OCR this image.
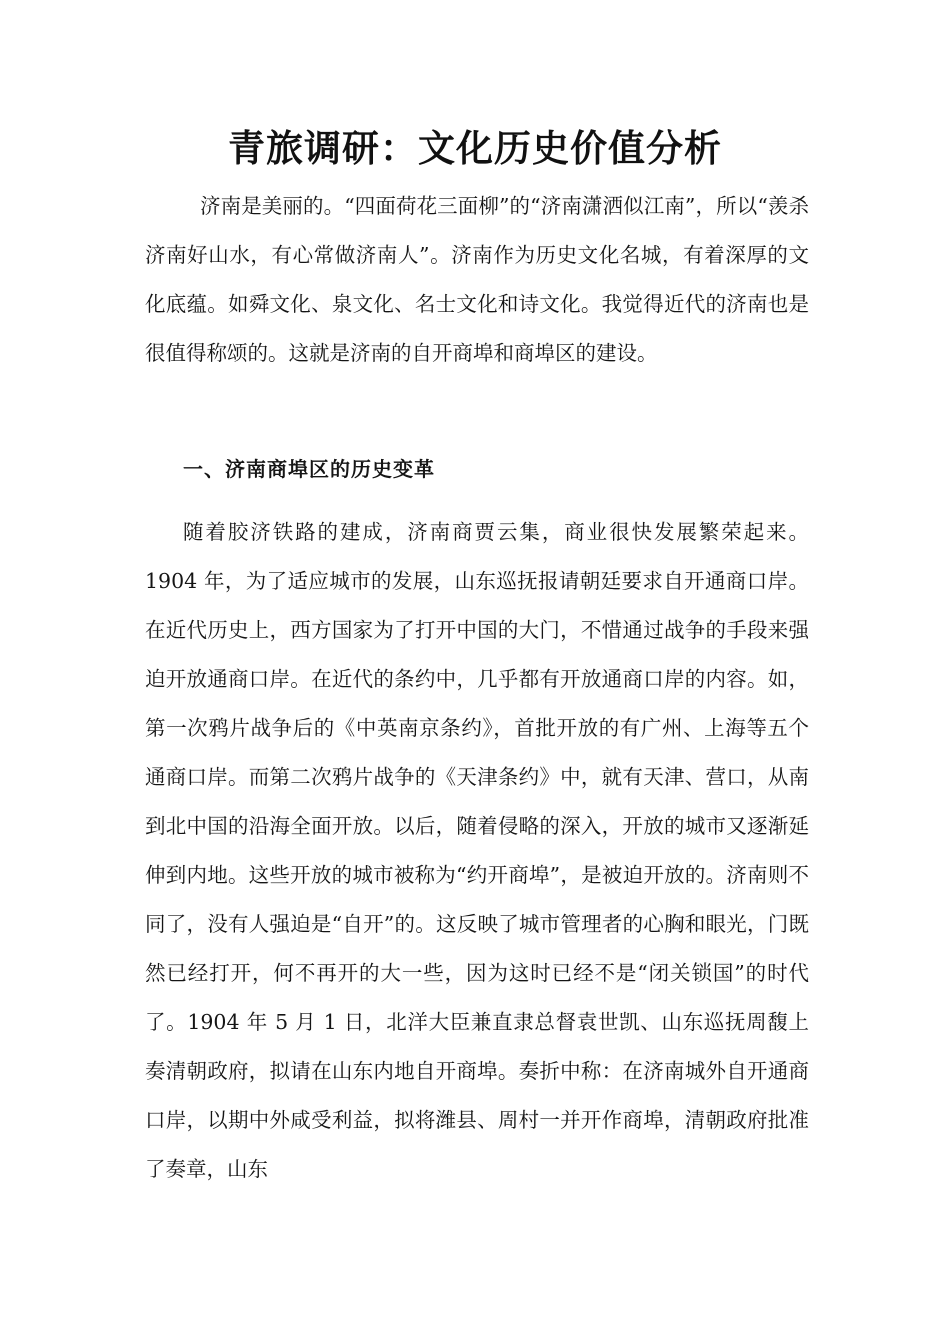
青旅调研：文化历史价值分析

济南是美丽的。“四面荷花三面柳”的“济南潇洒似江南”，所以“羡杀济南好山水，有心常做济南人”。济南作为历史文化名城，有着深厚的文化底蕴。如舜文化、泉文化、名士文化和诗文化。我觉得近代的济南也是很值得称颂的。这就是济南的自开商埠和商埠区的建设。

一、济南商埠区的历史变革

随着胶济铁路的建成，济南商贾云集，商业很快发展繁荣起来。1904 年，为了适应城市的发展，山东巡抚报请朝廷要求自开通商口岸。在近代历史上，西方国家为了打开中国的大门，不惜通过战争的手段来强迫开放通商口岸。在近代的条约中，几乎都有开放通商口岸的内容。如，第一次鸦片战争后的《中英南京条约》，首批开放的有广州、上海等五个通商口岸。而第二次鸦片战争的《天津条约》中，就有天津、营口，从南到北中国的沿海全面开放。以后，随着侵略的深入，开放的城市又逐渐延伸到内地。这些开放的城市被称为“约开商埠”，是被迫开放的。济南则不同了，没有人强迫是“自开”的。这反映了城市管理者的心胸和眼光，门既然已经打开，何不再开的大一些，因为这时已经不是“闭关锁国”的时代了。1904 年 5 月 1 日，北洋大臣兼直隶总督袁世凯、山东巡抚周馥上奏清朝政府，拟请在山东内地自开商埠。奏折中称：在济南城外自开通商口岸，以期中外咸受利益，拟将潍县、周村一并开作商埠，清朝政府批准了奏章，山东
